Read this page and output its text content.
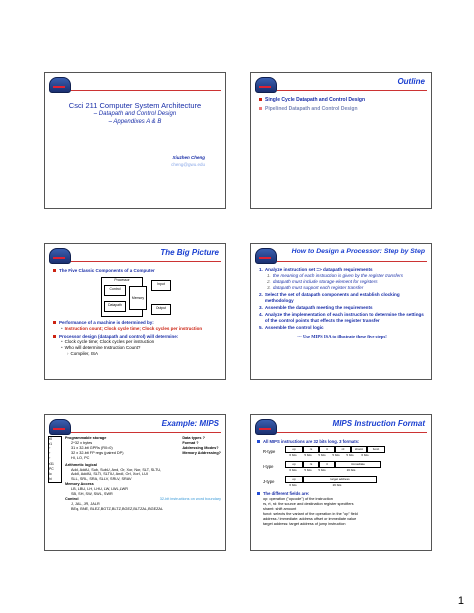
Csci 211 Computer System Architecture
– Datapath and Control Design
– Appendixes A & B
Xiuzhen Cheng
cheng@gwu.edu
Outline
Single Cycle Datapath and Control Design
Pipelined Datapath and Control Design
The Big Picture
The Five Classic Components of a Computer
Processor
Control
Datapath
Memory
Input
Output
Performance of a machine is determined by:
• Instruction count; Clock cycle time; Clock cycles per instruction
Processor design (datapath and control) will determine:
• Clock cycle time; Clock cycles per instruction
• Who will determine Instruction Count?
› Compiler, ISA
How to Design a Processor: Step by Step
1. Analyze instruction set => datapath requirements
1. the meaning of each instruction is given by the register transfers
2. datapath must include storage element for registers
3. datapath must support each register transfer
2. Select the set of datapath components and establish clocking methodology
3. Assemble the datapath meeting the requirements
4. Analyze the implementation of each instruction to determine the settings of the control points that effects the register transfer
5. Assemble the control logic
--- Use MIPS ISA to illustrate these five steps!
Example: MIPS
r0
r1
°
°
°
r31
PC
lo
hi
Programmable storage
2^32 x bytes
31 x 32-bit GPRs (R0=0)
32 x 32-bit FP regs (paired DP)
HI, LO, PC
Data types ?
Format ?
Addressing Modes?
Memory Addressing?
Arithmetic logical
Add, AddU, Sub, SubU, And, Or, Xor, Nor, SLT, SLTU,
AddI, AddIU, SLTI, SLTIU, AndI, OrI, XorI, LUI
SLL, SRL, SRA, SLLV, SRLV, SRAV
Memory Access
LB, LBU, LH, LHU, LW, LWL,LWR
SB, SH, SW, SWL, SWR
Control	32-bit instructions on word boundary
J, JAL, JR, JALR
BEq, BNE, BLEZ,BGTZ,BLTZ,BGEZ,BLTZAL,BGEZAL
MIPS Instruction Format
All MIPS instructions are 32 bits long. 3 formats:
R-type	op	rs	rt	rd	shamt	funct
6 bits	5 bits	5 bits	5 bits	5 bits	6 bits
I-type	op	rs	rt	immediate
6 bits	5 bits	5 bits	16 bits
J-type	op	target address
6 bits	26 bits
The different fields are:
op: operation ("opcode") of the instruction
rs, rt, rd: the source and destination register specifiers
shamt: shift amount
funct: selects the variant of the operation in the "op" field
address / immediate: address offset or immediate value
target address: target address of jump instruction
1
